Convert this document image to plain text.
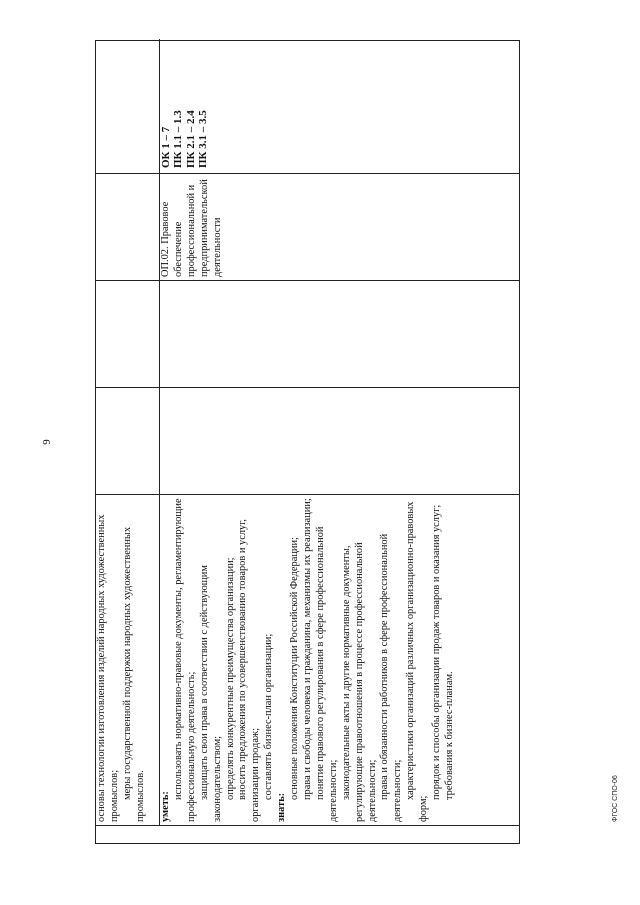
9

основы технологии изготовления изделий народных художественных промыслов; меры государственной поддержки народных художественных промыслов. уметь:

использовать нормативно-правовые документы, регламентирующие профессиональную деятельность; защищать свои права в соответствии с действующим законодательством; определять конкурентные преимущества организации; вносить предложения по усовершенствованию товаров и услуг, организации продаж; составлять бизнес-план организации;

знать:

основные положения Конституции Российской Федерации; права и свободы человека и гражданина, механизмы их реализации; понятие правового регулирования в сфере профессиональной деятельности; законодательные акты и другие нормативные документы, регулирующие правоотношения в процессе профессиональной деятельности; права и обязанности работников в сфере профессиональной деятельности; характеристики организаций различных организационно-правовых форм;

порядок и способы организации продаж товаров и оказания услуг; требования к бизнес-планам.

ОП.02. Правовое обеспечение профессиональной и предпринимательской деятельности
ОК 1 – 7 ПК 1.1 – 1.3 ПК 2.1 – 2.4 ПК 3.1 – 3.5
ФГОС СПО-06
